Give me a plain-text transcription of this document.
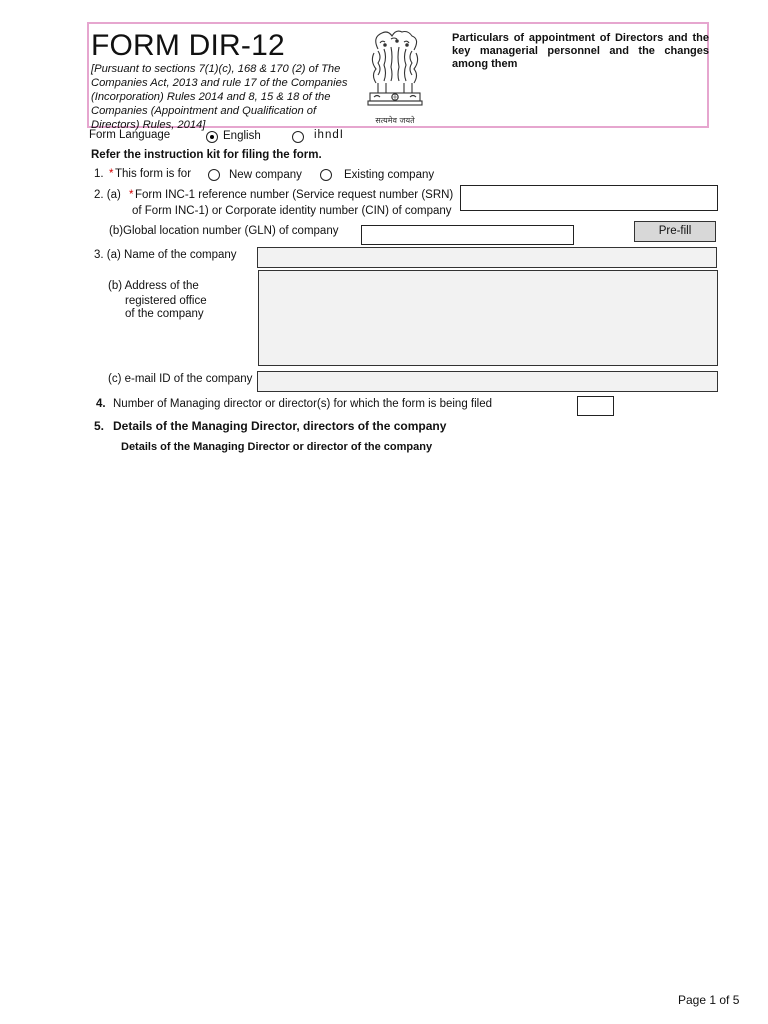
FORM DIR-12
[Pursuant to sections 7(1)(c), 168 & 170 (2) of The Companies Act, 2013 and rule 17 of the Companies (Incorporation) Rules 2014 and 8, 15 & 18 of the Companies (Appointment and Qualification of Directors) Rules, 2014]	सत्यमेव जयते
Particulars of appointment of Directors and the key managerial personnel and the changes among them
Form Language	English	ihndI
Refer the instruction kit for filing the form.
1. * This form is for	New company	Existing company
2. (a) * Form INC-1 reference number (Service request number (SRN)
of Form INC-1) or Corporate identity number (CIN) of company
(b)Global location number (GLN) of company	Pre-fill
3. (a) Name of the company
(b) Address of the
registered office
of the company
(c) e-mail ID of the company
4. Number of Managing director or director(s) for which the form is being filed
5. Details of the Managing Director, directors of the company
Details of the Managing Director or director of the company
Page 1 of 5
